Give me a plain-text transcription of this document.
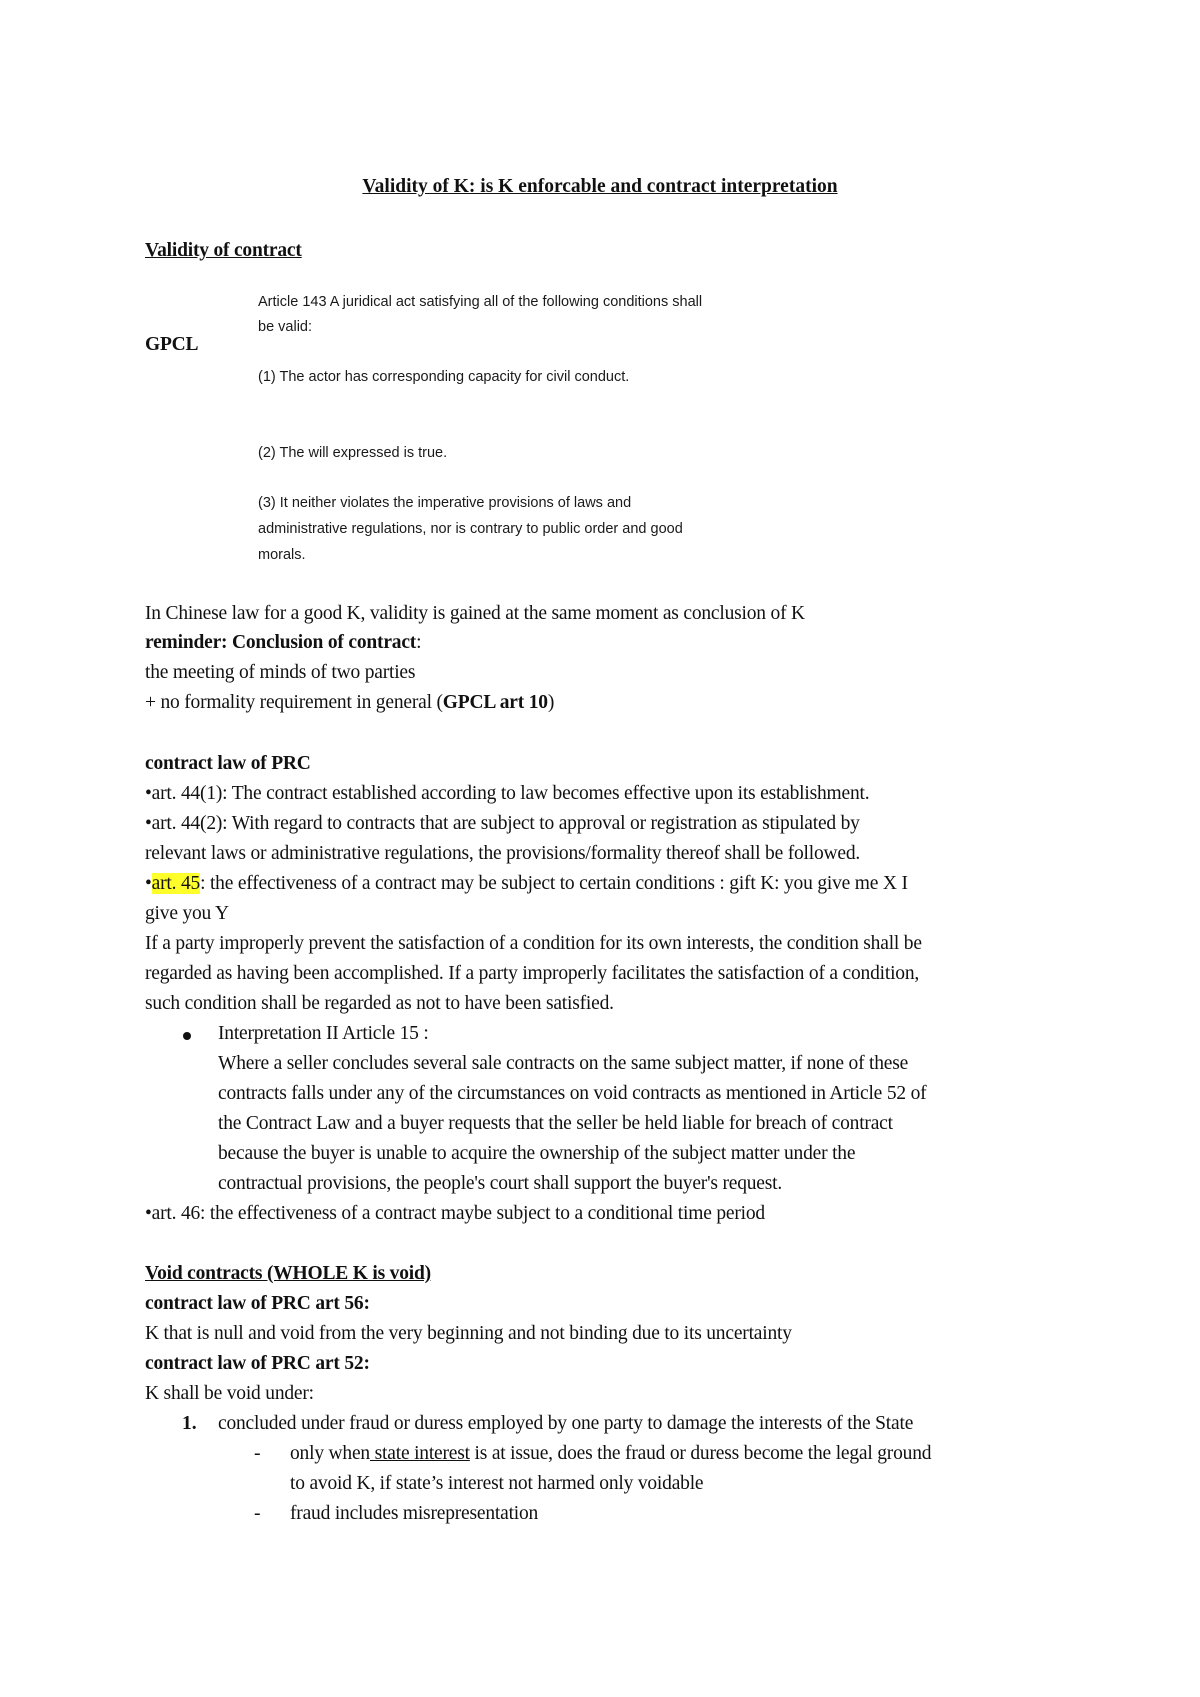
Validity of K: is K enforcable and contract interpretation
Validity of contract
GPCL
Article 143 A juridical act satisfying all of the following conditions shall
be valid:
(1) The actor has corresponding capacity for civil conduct.
(2) The will expressed is true.
(3) It neither violates the imperative provisions of laws and
administrative regulations, nor is contrary to public order and good
morals.
In Chinese law for a good K, validity is gained at the same moment as conclusion of K
reminder: Conclusion of contract:
the meeting of minds of two parties
+ no formality requirement in general (GPCL art 10)
contract law of PRC
•art. 44(1): The contract established according to law becomes effective upon its establishment.
•art. 44(2): With regard to contracts that are subject to approval or registration as stipulated by
relevant laws or administrative regulations, the provisions/formality thereof shall be followed.
•art. 45: the effectiveness of a contract may be subject to certain conditions : gift K: you give me X I
give you Y
If a party improperly prevent the satisfaction of a condition for its own interests, the condition shall be
regarded as having been accomplished. If a party improperly facilitates the satisfaction of a condition,
such condition shall be regarded as not to have been satisfied.
Interpretation II Article 15 :
Where a seller concludes several sale contracts on the same subject matter, if none of these
contracts falls under any of the circumstances on void contracts as mentioned in Article 52 of
the Contract Law and a buyer requests that the seller be held liable for breach of contract
because the buyer is unable to acquire the ownership of the subject matter under the
contractual provisions, the people's court shall support the buyer's request.
•art. 46: the effectiveness of a contract maybe subject to a conditional time period
Void contracts (WHOLE K is void)
contract law of PRC art 56:
K that is null and void from the very beginning and not binding due to its uncertainty
contract law of PRC art 52:
K shall be void under:
1. concluded under fraud or duress employed by one party to damage the interests of the State
- only when state interest is at issue, does the fraud or duress become the legal ground
to avoid K, if state’s interest not harmed only voidable
- fraud includes misrepresentation
